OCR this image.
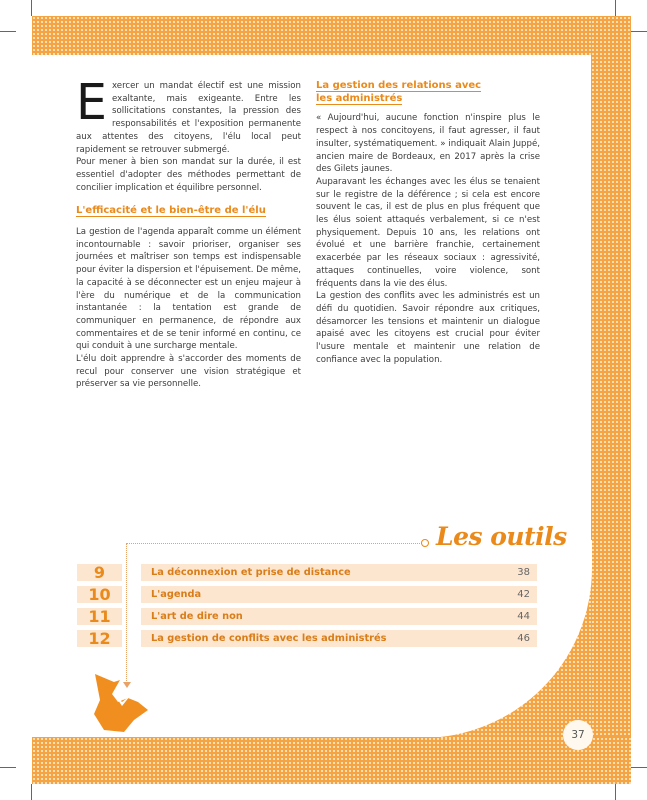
Exercer un mandat électif est une mission exaltante, mais exigeante. Entre les sollicitations constantes, la pression des responsabilités et l'exposition permanente aux attentes des citoyens, l'élu local peut rapidement se retrouver submergé.

Pour mener à bien son mandat sur la durée, il est essentiel d'adopter des méthodes permettant de concilier implication et équilibre personnel.

L'efficacité et le bien-être de l'élu

La gestion de l'agenda apparaît comme un élément incontournable : savoir prioriser, organiser ses journées et maîtriser son temps est indispensable pour éviter la dispersion et l'épuisement. De même, la capacité à se déconnecter est un enjeu majeur à l'ère du numérique et de la communication instantanée : la tentation est grande de communiquer en permanence, de répondre aux commentaires et de se tenir informé en continu, ce qui conduit à une surcharge mentale.

L'élu doit apprendre à s'accorder des moments de recul pour conserver une vision stratégique et préserver sa vie personnelle.

La gestion des relations avec
les administrés

« Aujourd'hui, aucune fonction n'inspire plus le respect à nos concitoyens, il faut agresser, il faut insulter, systématiquement. » indiquait Alain Juppé, ancien maire de Bordeaux, en 2017 après la crise des Gilets jaunes.

Auparavant les échanges avec les élus se tenaient sur le registre de la déférence ; si cela est encore souvent le cas, il est de plus en plus fréquent que les élus soient attaqués verbalement, si ce n'est physiquement. Depuis 10 ans, les relations ont évolué et une barrière franchie, certainement exacerbée par les réseaux sociaux : agressivité, attaques continuelles, voire violence, sont fréquents dans la vie des élus.

La gestion des conflits avec les administrés est un défi du quotidien. Savoir répondre aux critiques, désamorcer les tensions et maintenir un dialogue apaisé avec les citoyens est crucial pour éviter l'usure mentale et maintenir une relation de confiance avec la population.

Les outils
9	La déconnexion et prise de distance	38
10	L'agenda	42
11	L'art de dire non	44
12	La gestion de conflits avec les administrés	46
37
